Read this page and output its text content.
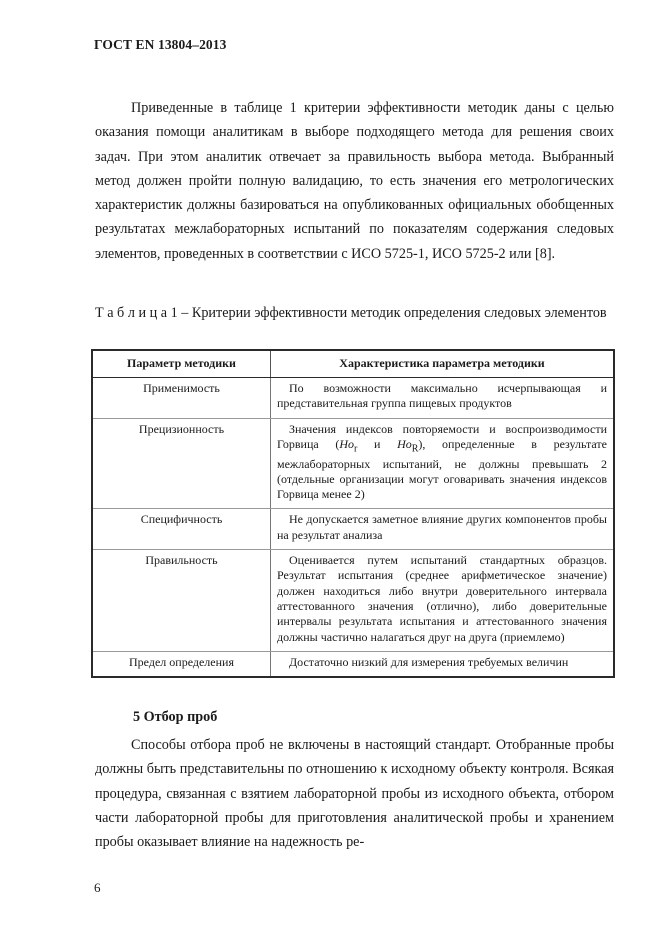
ГОСТ EN 13804–2013

Приведенные в таблице 1 критерии эффективности методик даны с целью оказания помощи аналитикам в выборе подходящего метода для решения своих задач. При этом аналитик отвечает за правильность выбора метода. Выбранный метод должен пройти полную валидацию, то есть значения его метрологических характеристик должны базироваться на опубликованных официальных обобщенных результатах межлабораторных испытаний по показателям содержания следовых элементов, проведенных в соответствии с ИСО 5725-1, ИСО 5725-2 или [8].

Т а б л и ц а 1 – Критерии эффективности методик определения следовых элементов

Параметр методики	Характеристика параметра методики
Применимость	По возможности максимально исчерпывающая и представительная группа пищевых продуктов
Прецизионность	Значения индексов повторяемости и воспроизводимости Горвица ($Ho_r$ и $Ho_R$), определенные в результате межлабораторных испытаний, не должны превышать 2 (отдельные организации могут оговаривать значения индексов Горвица менее 2)
Специфичность	Не допускается заметное влияние других компонентов пробы на результат анализа
Правильность	Оценивается путем испытаний стандартных образцов. Результат испытания (среднее арифметическое значение) должен находиться либо внутри доверительного интервала аттестованного значения (отлично), либо доверительные интервалы результата испытания и аттестованного значения должны частично налагаться друг на друга (приемлемо)
Предел определения	Достаточно низкий для измерения требуемых величин
5 Отбор проб

Способы отбора проб не включены в настоящий стандарт. Отобранные пробы должны быть представительны по отношению к исходному объекту контроля. Всякая процедура, связанная с взятием лабораторной пробы из исходного объекта, отбором части лабораторной пробы для приготовления аналитической пробы и хранением пробы оказывает влияние на надежность ре-

6
